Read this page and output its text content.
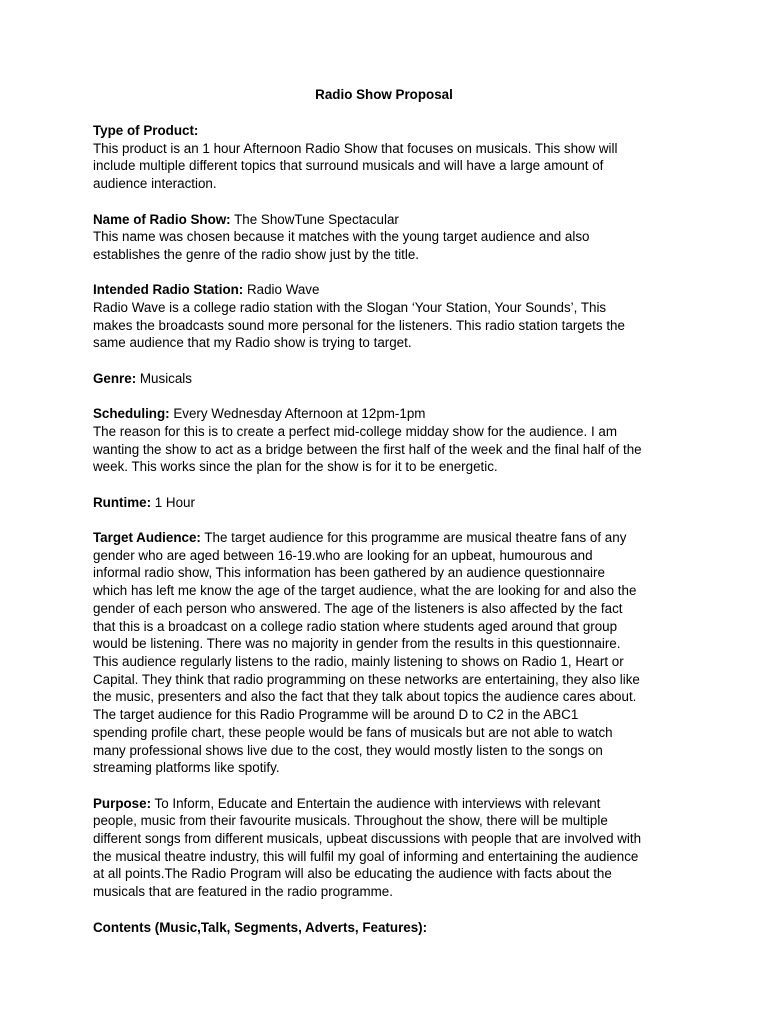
Radio Show Proposal
Type of Product:
This product is an 1 hour Afternoon Radio Show that focuses on musicals. This show will
include multiple different topics that surround musicals and will have a large amount of
audience interaction.
Name of Radio Show: The ShowTune Spectacular
This name was chosen because it matches with the young target audience and also
establishes the genre of the radio show just by the title.
Intended Radio Station: Radio Wave
Radio Wave is a college radio station with the Slogan ‘Your Station, Your Sounds’, This
makes the broadcasts sound more personal for the listeners. This radio station targets the
same audience that my Radio show is trying to target.
Genre: Musicals
Scheduling: Every Wednesday Afternoon at 12pm-1pm
The reason for this is to create a perfect mid-college midday show for the audience. I am
wanting the show to act as a bridge between the first half of the week and the final half of the
week. This works since the plan for the show is for it to be energetic.
Runtime: 1 Hour
Target Audience: The target audience for this programme are musical theatre fans of any
gender who are aged between 16-19.who are looking for an upbeat, humourous and
informal radio show, This information has been gathered by an audience questionnaire
which has left me know the age of the target audience, what the are looking for and also the
gender of each person who answered. The age of the listeners is also affected by the fact
that this is a broadcast on a college radio station where students aged around that group
would be listening. There was no majority in gender from the results in this questionnaire.
This audience regularly listens to the radio, mainly listening to shows on Radio 1, Heart or
Capital. They think that radio programming on these networks are entertaining, they also like
the music, presenters and also the fact that they talk about topics the audience cares about.
The target audience for this Radio Programme will be around D to C2 in the ABC1
spending profile chart, these people would be fans of musicals but are not able to watch
many professional shows live due to the cost, they would mostly listen to the songs on
streaming platforms like spotify.
Purpose: To Inform, Educate and Entertain the audience with interviews with relevant
people, music from their favourite musicals. Throughout the show, there will be multiple
different songs from different musicals, upbeat discussions with people that are involved with
the musical theatre industry, this will fulfil my goal of informing and entertaining the audience
at all points.The Radio Program will also be educating the audience with facts about the
musicals that are featured in the radio programme.
Contents (Music,Talk, Segments, Adverts, Features):
